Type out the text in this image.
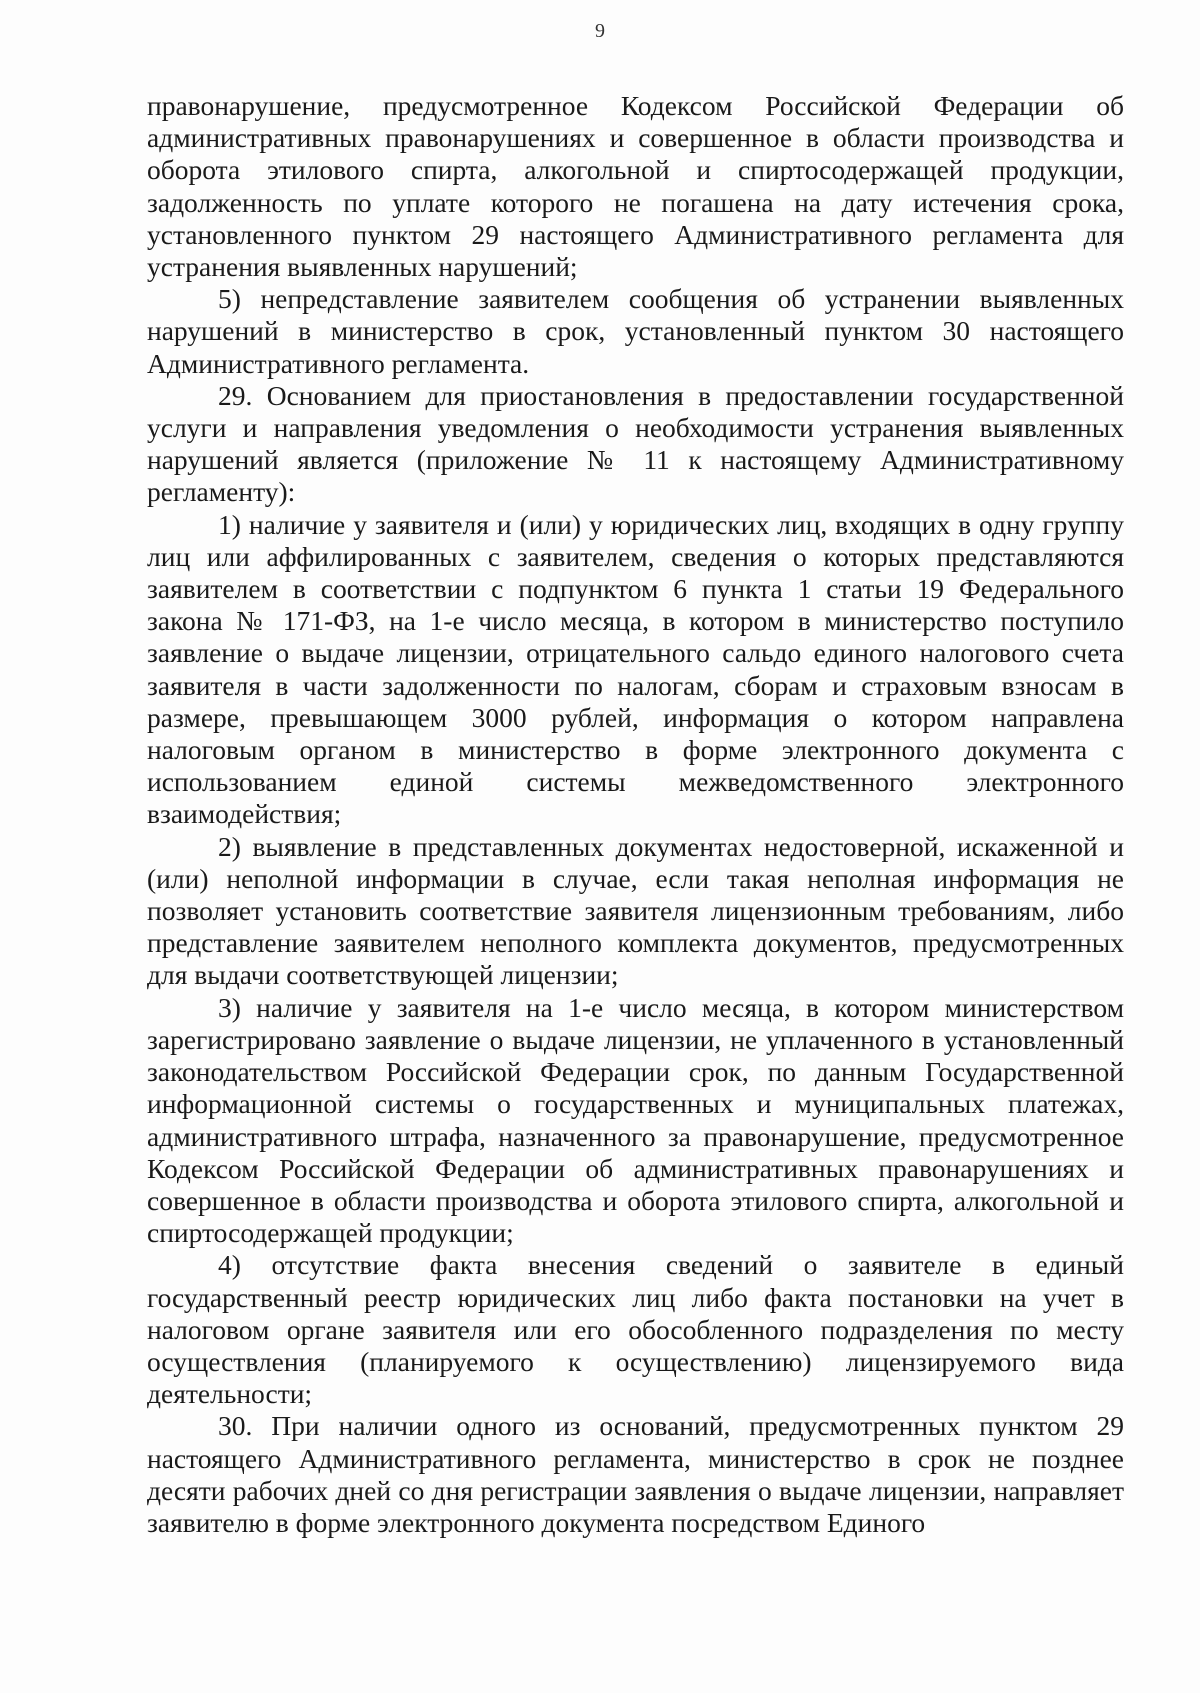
9

правонарушение, предусмотренное Кодексом Российской Федерации об административных правонарушениях и совершенное в области производства и оборота этилового спирта, алкогольной и спиртосодержащей продукции, задолженность по уплате которого не погашена на дату истечения срока, установленного пунктом 29 настоящего Административного регламента для устранения выявленных нарушений;

5) непредставление заявителем сообщения об устранении выявленных нарушений в министерство в срок, установленный пунктом 30 настоящего Административного регламента.

29. Основанием для приостановления в предоставлении государственной услуги и направления уведомления о необходимости устранения выявленных нарушений является (приложение № 11 к настоящему Административному регламенту):

1) наличие у заявителя и (или) у юридических лиц, входящих в одну группу лиц или аффилированных с заявителем, сведения о которых представляются заявителем в соответствии с подпунктом 6 пункта 1 статьи 19 Федерального закона № 171-ФЗ, на 1-е число месяца, в котором в министерство поступило заявление о выдаче лицензии, отрицательного сальдо единого налогового счета заявителя в части задолженности по налогам, сборам и страховым взносам в размере, превышающем 3000 рублей, информация о котором направлена налоговым органом в министерство в форме электронного документа с использованием единой системы межведомственного электронного взаимодействия;

2) выявление в представленных документах недостоверной, искаженной и (или) неполной информации в случае, если такая неполная информация не позволяет установить соответствие заявителя лицензионным требованиям, либо представление заявителем неполного комплекта документов, предусмотренных для выдачи соответствующей лицензии;

3) наличие у заявителя на 1-е число месяца, в котором министерством зарегистрировано заявление о выдаче лицензии, не уплаченного в установленный законодательством Российской Федерации срок, по данным Государственной информационной системы о государственных и муниципальных платежах, административного штрафа, назначенного за правонарушение, предусмотренное Кодексом Российской Федерации об административных правонарушениях и совершенное в области производства и оборота этилового спирта, алкогольной и спиртосодержащей продукции;

4) отсутствие факта внесения сведений о заявителе в единый государственный реестр юридических лиц либо факта постановки на учет в налоговом органе заявителя или его обособленного подразделения по месту осуществления (планируемого к осуществлению) лицензируемого вида деятельности;

30. При наличии одного из оснований, предусмотренных пунктом 29 настоящего Административного регламента, министерство в срок не позднее десяти рабочих дней со дня регистрации заявления о выдаче лицензии, направляет заявителю в форме электронного документа посредством Единого
